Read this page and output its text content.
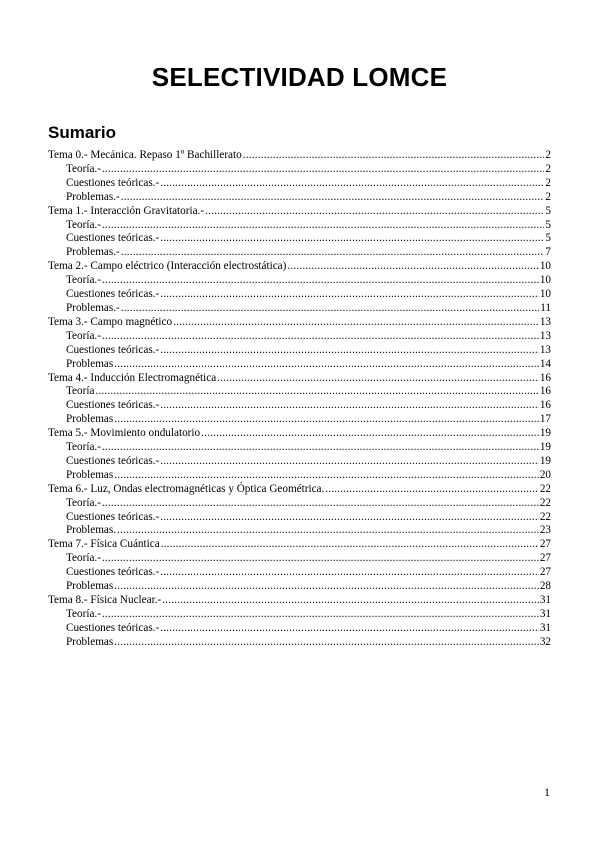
SELECTIVIDAD LOMCE
Sumario
Tema 0.- Mecánica. Repaso 1º Bachillerato .....	2
Teoría.- .....	2
Cuestiones teóricas.- .....	2
Problemas.- .....	2
Tema 1.- Interacción Gravitatoria.- .....	5
Teoría.- .....	5
Cuestiones teóricas.- .....	5
Problemas.- .....	7
Tema 2.- Campo eléctrico (Interacción electrostática) .....	10
Teoría.- .....	10
Cuestiones teóricas.- .....	10
Problemas.- .....	11
Tema 3.- Campo magnético .....	13
Teoría.- .....	13
Cuestiones teóricas.- .....	13
Problemas .....	14
Tema 4.- Inducción Electromagnética .....	16
Teoría .....	16
Cuestiones teóricas.- .....	16
Problemas .....	17
Tema 5.- Movimiento ondulatorio .....	19
Teoría.- .....	19
Cuestiones teóricas.- .....	19
Problemas .....	20
Tema 6.- Luz, Ondas electromagnéticas y Óptica Geométrica. .....	22
Teoría.- .....	22
Cuestiones teóricas.- .....	22
Problemas. .....	23
Tema 7.- Física Cuántica .....	27
Teoría.- .....	27
Cuestiones teóricas.- .....	27
Problemas .....	28
Tema 8.- Física Nuclear.- .....	31
Teoría.- .....	31
Cuestiones teóricas.- .....	31
Problemas .....	32
1
